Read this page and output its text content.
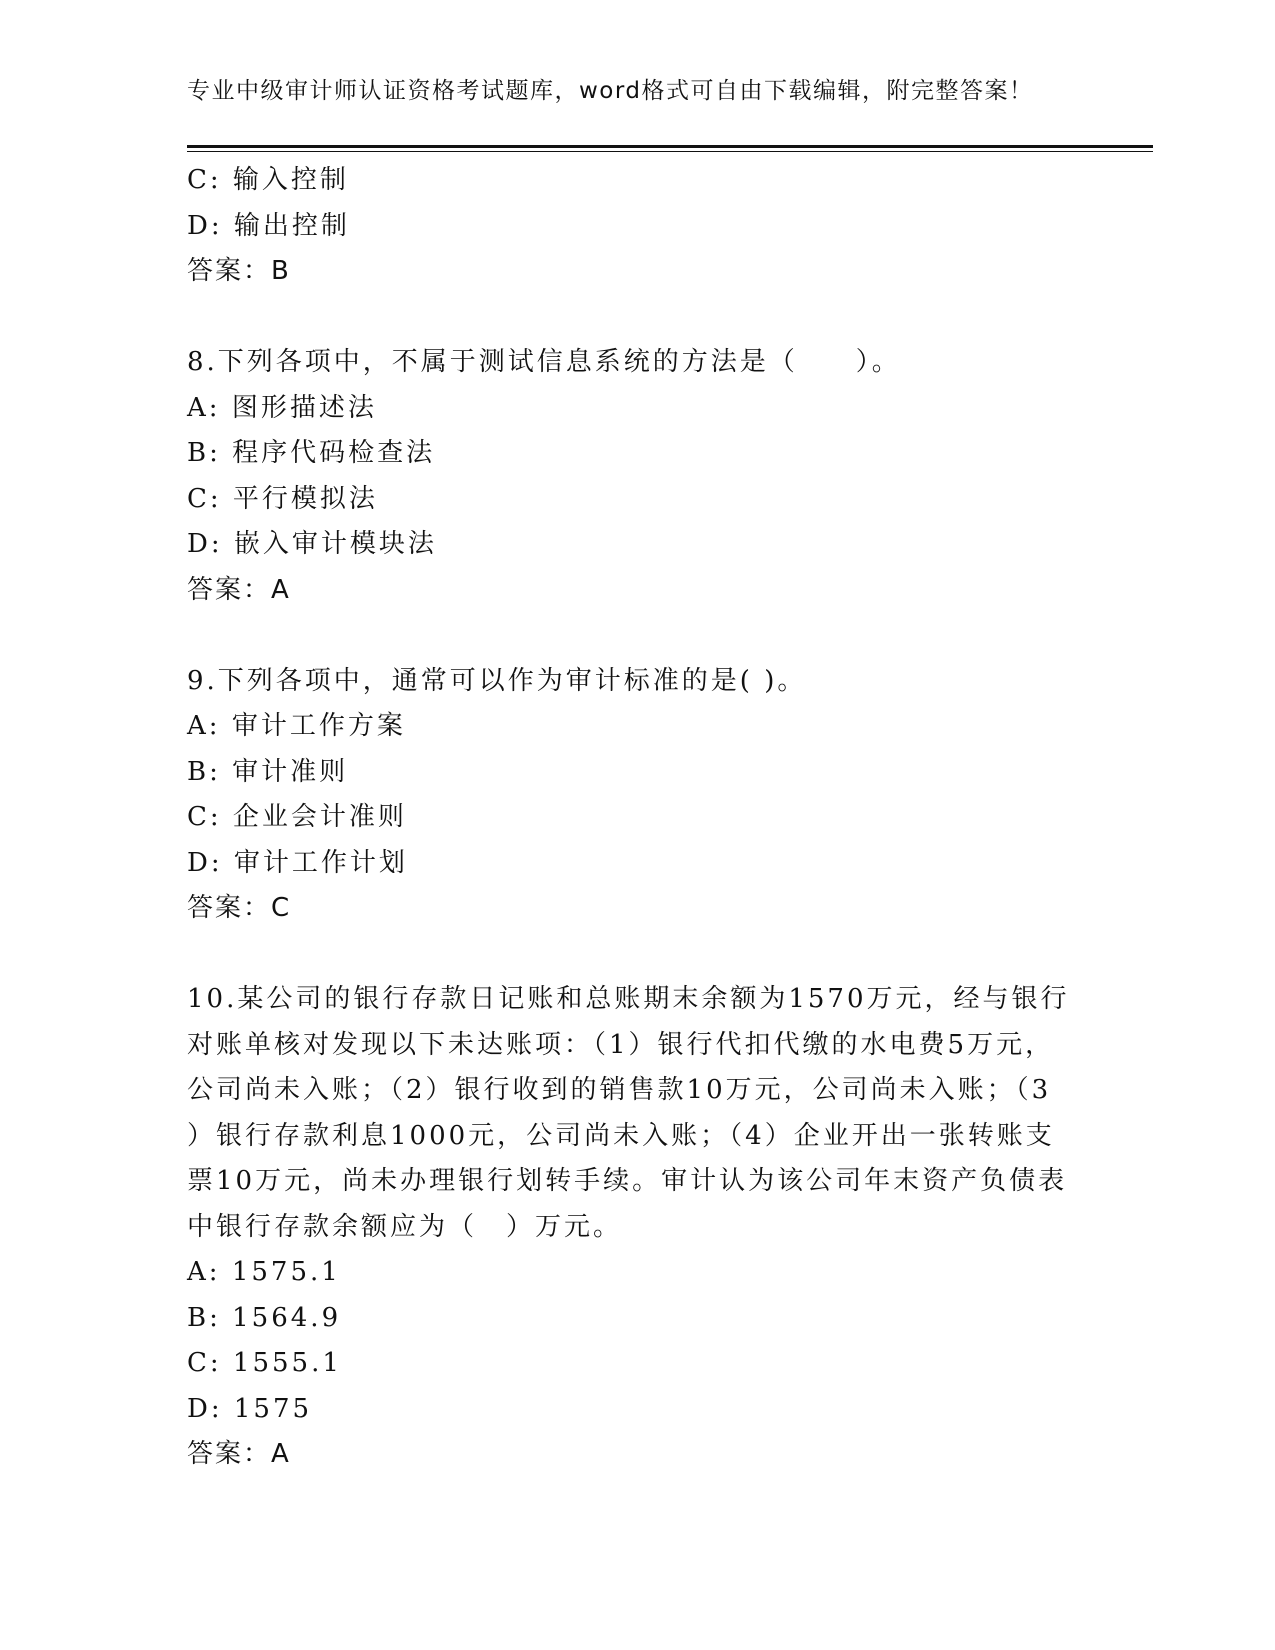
专业中级审计师认证资格考试题库，word格式可自由下载编辑，附完整答案！

C: 输入控制

D: 输出控制

答案：B

8.下列各项中，不属于测试信息系统的方法是（　　）。

A: 图形描述法

B: 程序代码检查法

C: 平行模拟法

D: 嵌入审计模块法

答案：A

9.下列各项中，通常可以作为审计标准的是( )。

A: 审计工作方案

B: 审计准则

C: 企业会计准则

D: 审计工作计划

答案：C

10.某公司的银行存款日记账和总账期末余额为1570万元，经与银行

对账单核对发现以下未达账项：（1）银行代扣代缴的水电费5万元，

公司尚未入账；（2）银行收到的销售款10万元，公司尚未入账；（3

）银行存款利息1000元，公司尚未入账；（4）企业开出一张转账支

票10万元，尚未办理银行划转手续。审计认为该公司年末资产负债表

中银行存款余额应为（　）万元。

A: 1575.1

B: 1564.9

C: 1555.1

D: 1575

答案：A
